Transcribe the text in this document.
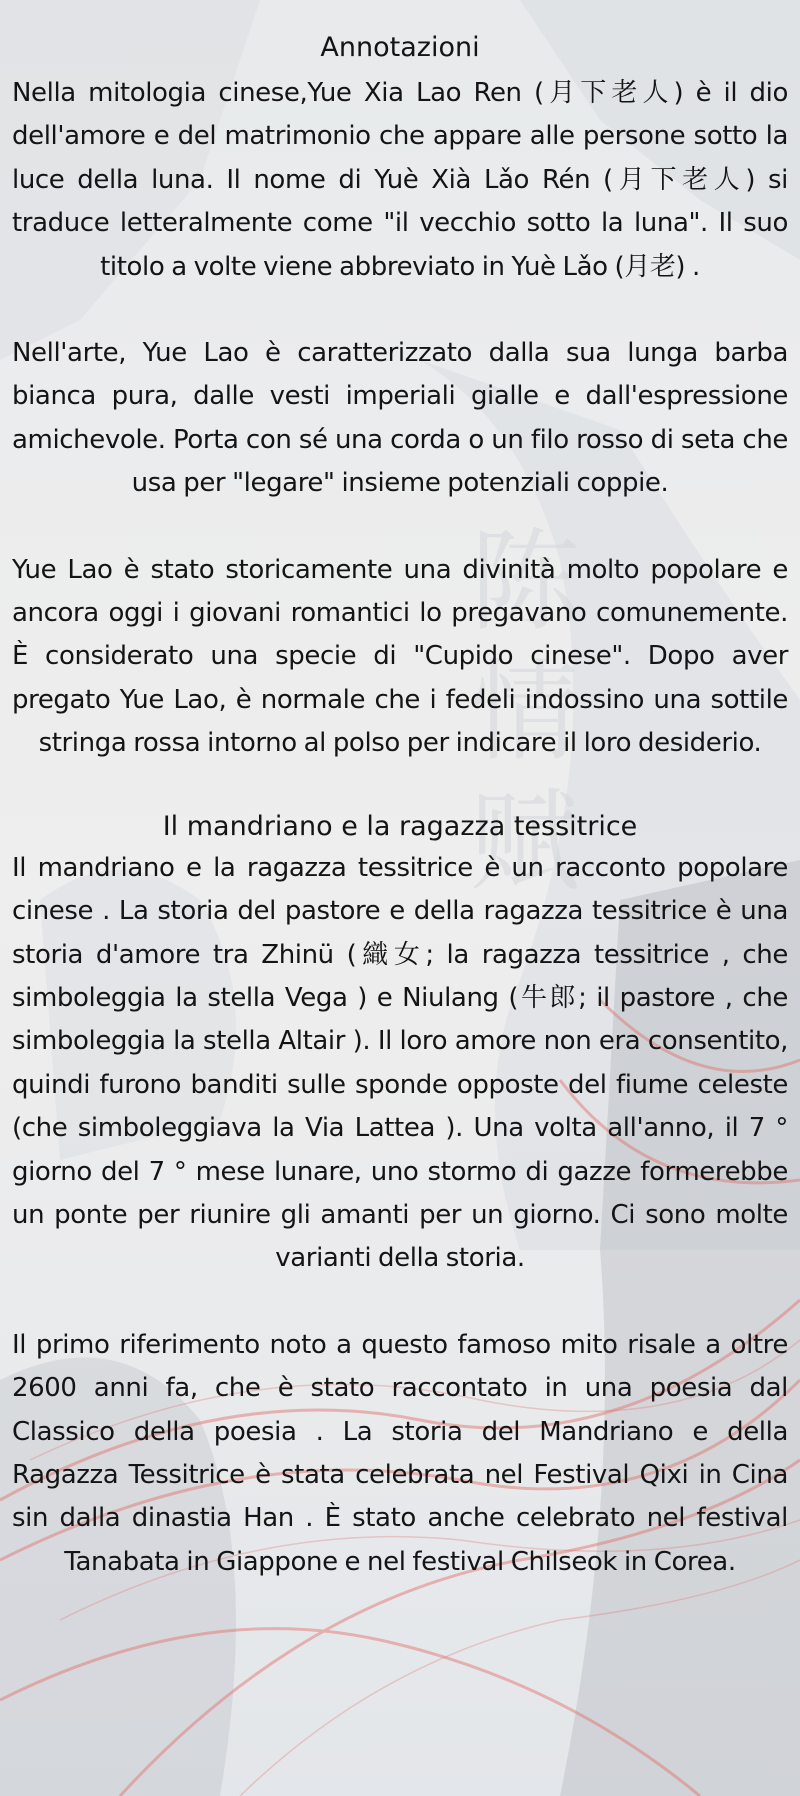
陈
情
赋
Annotazioni

Nella mitologia cinese,Yue Xia Lao Ren (月下老人) è il dio dell'amore e del matrimonio che appare alle persone sotto la luce della luna. Il nome di Yuè Xià Lǎo Rén (月下老人) si traduce letteralmente come "il vecchio sotto la luna". Il suo titolo a volte viene abbreviato in Yuè Lǎo (月老) .

Nell'arte, Yue Lao è caratterizzato dalla sua lunga barba bianca pura, dalle vesti imperiali gialle e dall'espressione amichevole. Porta con sé una corda o un filo rosso di seta che usa per "legare" insieme potenziali coppie.

Yue Lao è stato storicamente una divinità molto popolare e ancora oggi i giovani romantici lo pregavano comunemente. È considerato una specie di "Cupido cinese". Dopo aver pregato Yue Lao, è normale che i fedeli indossino una sottile stringa rossa intorno al polso per indicare il loro desiderio.

Il mandriano e la ragazza tessitrice

Il mandriano e la ragazza tessitrice è un racconto popolare cinese . La storia del pastore e della ragazza tessitrice è una storia d'amore tra Zhinü (織女; la ragazza tessitrice , che simboleggia la stella Vega ) e Niulang (牛郎; il pastore , che simboleggia la stella Altair ). Il loro amore non era consentito, quindi furono banditi sulle sponde opposte del fiume celeste (che simboleggiava la Via Lattea ). Una volta all'anno, il 7 ° giorno del 7 ° mese lunare, uno stormo di gazze formerebbe un ponte per riunire gli amanti per un giorno. Ci sono molte varianti della storia.

Il primo riferimento noto a questo famoso mito risale a oltre 2600 anni fa, che è stato raccontato in una poesia dal Classico della poesia . La storia del Mandriano e della Ragazza Tessitrice è stata celebrata nel Festival Qixi in Cina sin dalla dinastia Han . È stato anche celebrato nel festival Tanabata in Giappone e nel festival Chilseok in Corea.
